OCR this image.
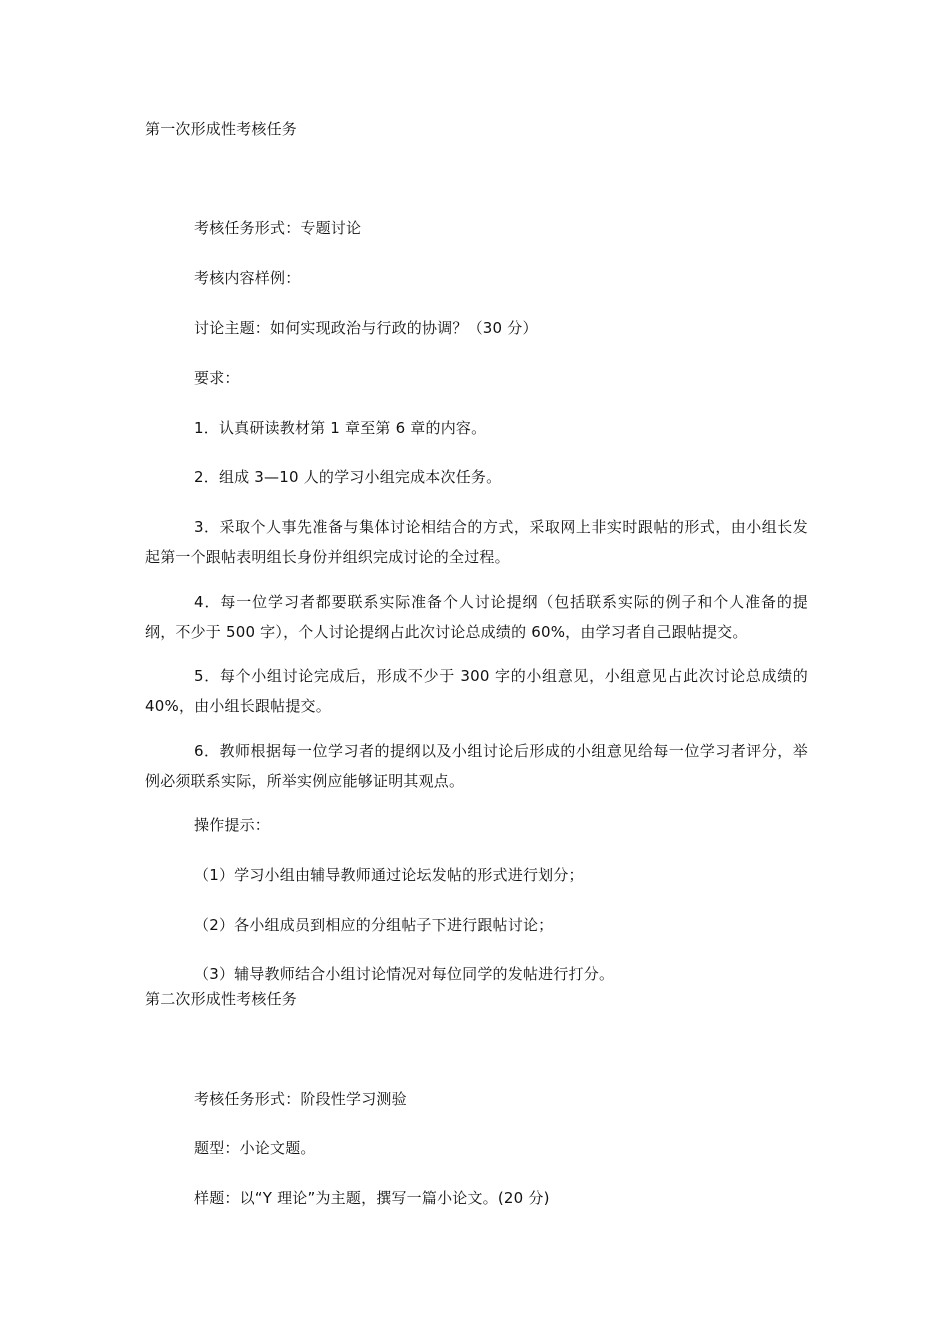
第一次形成性考核任务
考核任务形式：专题讨论
考核内容样例：
讨论主题：如何实现政治与行政的协调？（30 分）
要求：
1．认真研读教材第 1 章至第 6 章的内容。
2．组成 3—10 人的学习小组完成本次任务。
3．采取个人事先准备与集体讨论相结合的方式，采取网上非实时跟帖的形式，由小组长发起第一个跟帖表明组长身份并组织完成讨论的全过程。
4．每一位学习者都要联系实际准备个人讨论提纲（包括联系实际的例子和个人准备的提纲，不少于 500 字），个人讨论提纲占此次讨论总成绩的 60%，由学习者自己跟帖提交。
5．每个小组讨论完成后，形成不少于 300 字的小组意见，小组意见占此次讨论总成绩的 40%，由小组长跟帖提交。
6．教师根据每一位学习者的提纲以及小组讨论后形成的小组意见给每一位学习者评分，举例必须联系实际，所举实例应能够证明其观点。
操作提示：
（1）学习小组由辅导教师通过论坛发帖的形式进行划分；
（2）各小组成员到相应的分组帖子下进行跟帖讨论；
（3）辅导教师结合小组讨论情况对每位同学的发帖进行打分。
第二次形成性考核任务
考核任务形式：阶段性学习测验
题型：小论文题。
样题：以“Y 理论”为主题，撰写一篇小论文。(20 分)
